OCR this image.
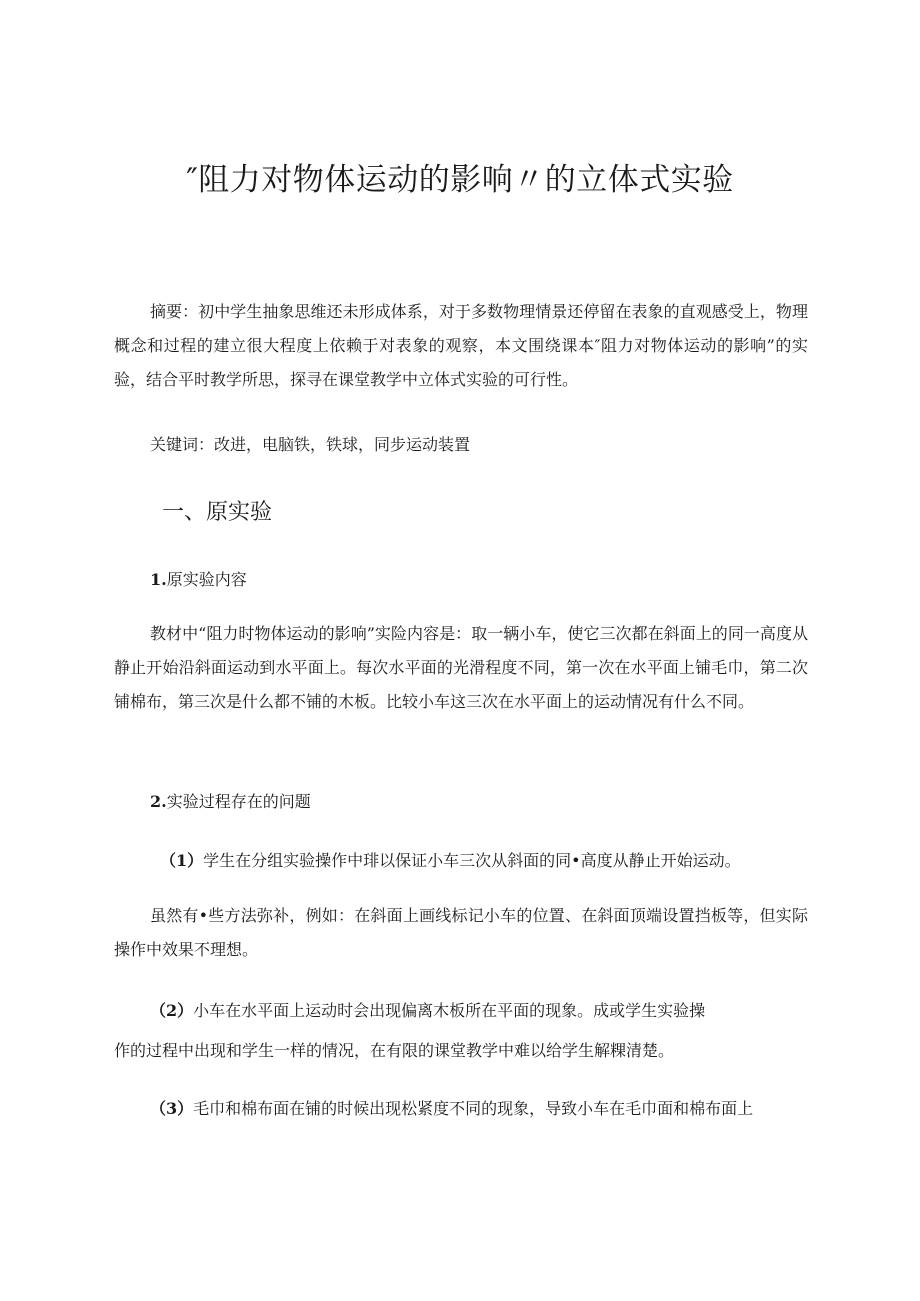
″阻力对物体运动的影响〃的立体式实验

摘要：初中学生抽象思维还未形成体系，对于多数物理情景还停留在表象的直观感受上，物理概念和过程的建立很大程度上依赖于对表象的观察，本文围绕课本″阻力对物体运动的影响”的实验，结合平时教学所思，探寻在课堂教学中立体式实验的可行性。

关键词：改进，电脑铁，铁球，同步运动装置

一、原实验

1.原实验内容

教材中“阻力时物体运动的影响”实险内容是：取一辆小车，使它三次都在斜面上的同一高度从静止开始沿斜面运动到水平面上。每次水平面的光滑程度不同，第一次在水平面上铺毛巾，第二次铺棉布，第三次是什么都不铺的木板。比较小车这三次在水平面上的运动情况有什么不同。

2.实验过程存在的问题

（1）学生在分组实验操作中琲以保证小车三次从斜面的同•高度从静止开始运动。

虽然有•些方法弥补，例如：在斜面上画线标记小车的位置、在斜面顶端设置挡板等，但实际操作中效果不理想。

（2）小车在水平面上运动时会出现偏离木板所在平面的现象。成或学生实验操

作的过程中出现和学生一样的情况，在有限的课堂教学中难以给学生解粿清楚。

（3）毛巾和棉布面在铺的时候出现松紧度不同的现象，导致小车在毛巾面和棉布面上
